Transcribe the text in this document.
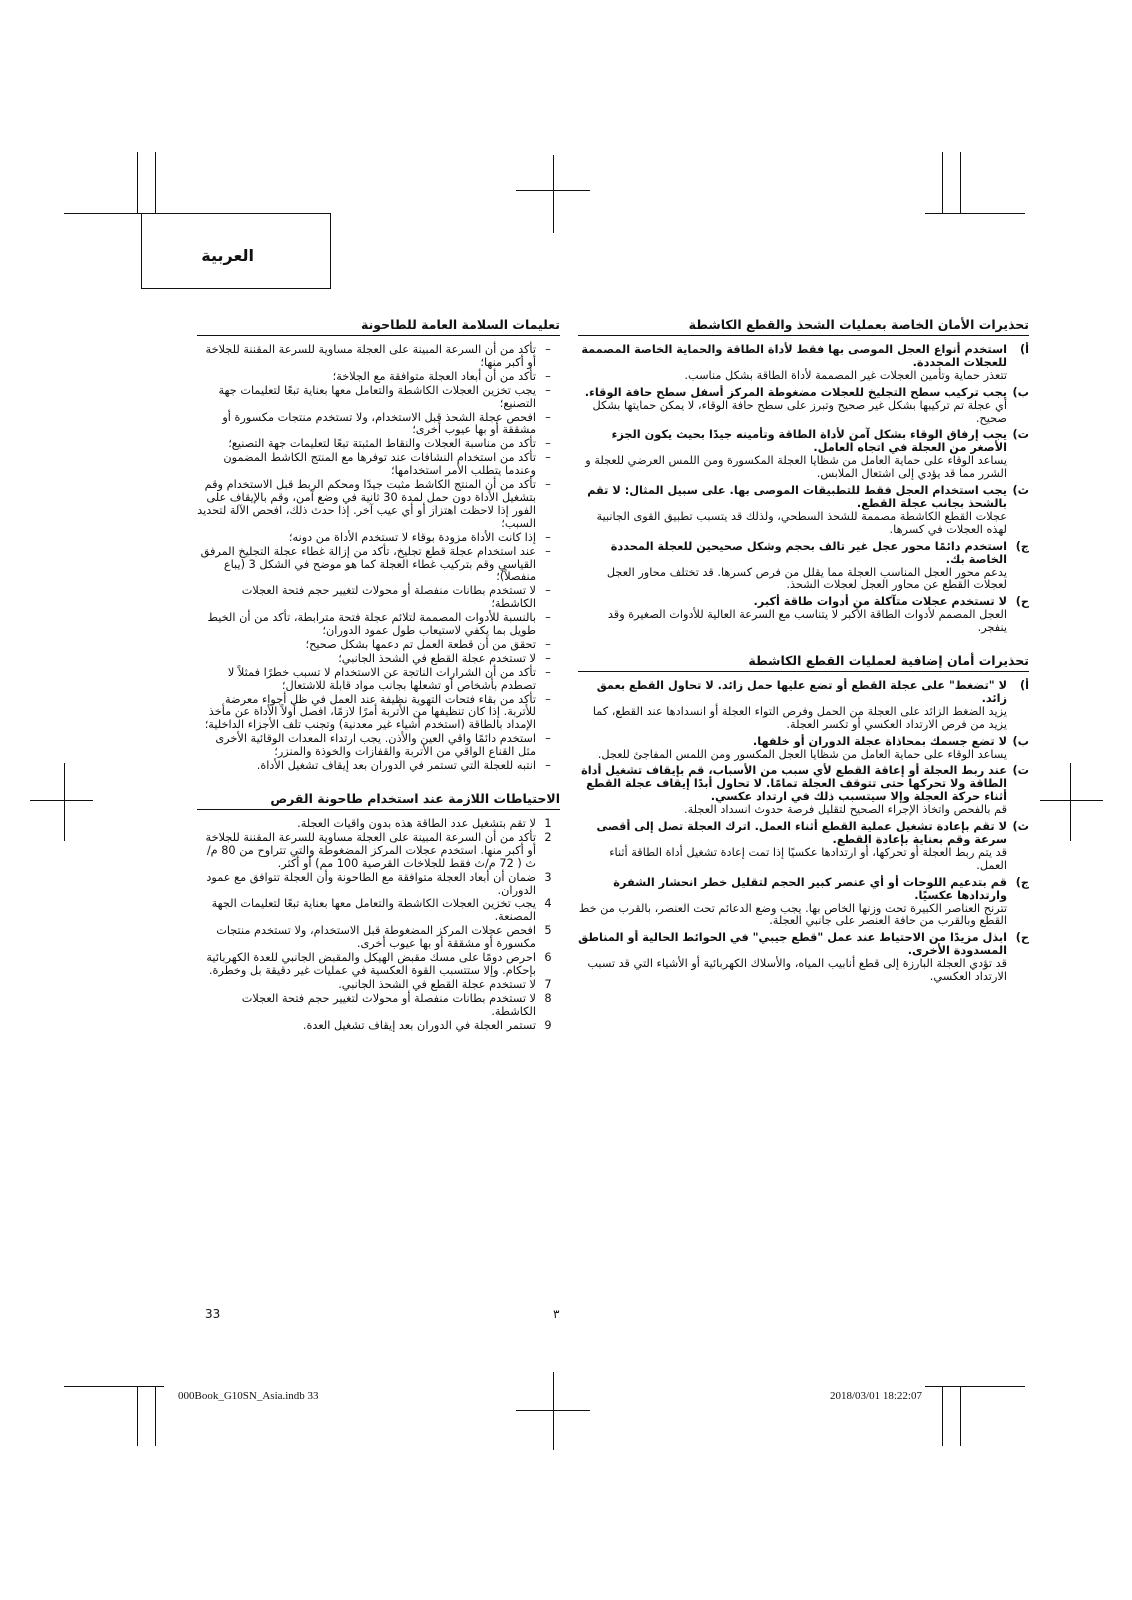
العربية
تحذيرات الأمان الخاصة بعمليات الشحذ والقطع الكاشطة
أ)
استخدم أنواع العجل الموصى بها فقط لأداة الطاقة والحماية الخاصة المصممة للعجلات المحددة.
تتعذر حماية وتأمين العجلات غير المصممة لأداة الطاقة بشكل مناسب.
ب)
يجب تركيب سطح التجليخ للعجلات مضغوطة المركز أسفل سطح حافة الوقاء.
أي عجلة تم تركيبها بشكل غير صحيح وتبرز على سطح حافة الوقاء، لا يمكن حمايتها بشكل صحيح.
ت)
يجب إرفاق الوقاء بشكل آمن لأداة الطاقة وتأمينه جيدًا بحيث يكون الجزء الأصغر من العجلة في اتجاه العامل.
يساعد الوقاء على حماية العامل من شظايا العجلة المكسورة ومن اللمس العرضي للعجلة و الشرر مما قد يؤدي إلى اشتعال الملابس.
ث)
يجب استخدام العجل فقط للتطبيقات الموصى بها. على سبيل المثال: لا تقم بالشحذ بجانب عجلة القطع.
عجلات القطع الكاشطة مصممة للشحذ السطحي، ولذلك قد يتسبب تطبيق القوى الجانبية لهذه العجلات في كسرها.
ج)
استخدم دائمًا محور عجل غير تالف بحجم وشكل صحيحين للعجلة المحددة الخاصة بك.
يدعم محور العجل المناسب العجلة مما يقلل من فرص كسرها. قد تختلف محاور العجل لعجلات القطع عن محاور العجل لعجلات الشحذ.
ح)
لا تستخدم عجلات متآكلة من أدوات طاقة أكبر.
العجل المصمم لأدوات الطاقة الأكبر لا يتناسب مع السرعة العالية للأدوات الصغيرة وقد ينفجر.
تحذيرات أمان إضافية لعمليات القطع الكاشطة
أ)
لا "تضغط" على عجلة القطع أو تضع عليها حمل زائد. لا تحاول القطع بعمق زائد.
يزيد الضغط الزائد على العجلة من الحمل وفرص التواء العجلة أو انسدادها عند القطع، كما يزيد من فرص الارتداد العكسي أو تكسر العجلة.
ب)
لا تضع جسمك بمحاذاة عجلة الدوران أو خلفها.
يساعد الوقاء على حماية العامل من شظايا العجل المكسور ومن اللمس المفاجئ للعجل.
ت)
عند ربط العجلة أو إعاقة القطع لأي سبب من الأسباب، قم بإيقاف تشغيل أداة الطاقة ولا تحركها حتى تتوقف العجلة تمامًا. لا تحاول أبدًا إيقاف عجلة القطع أثناء حركة العجلة وإلا سيتسبب ذلك في ارتداد عكسي.
قم بالفحص واتخاذ الإجراء الصحيح لتقليل فرصة حدوث انسداد العجلة.
ث)
لا تقم بإعادة تشغيل عملية القطع أثناء العمل. اترك العجلة تصل إلى أقصى سرعة وقم بعناية بإعادة القطع.
قد يتم ربط العجلة أو تحركها، أو ارتدادها عكسيًا إذا تمت إعادة تشغيل أداة الطاقة أثناء العمل.
ج)
قم بتدعيم اللوحات أو أي عنصر كبير الحجم لتقليل خطر انحشار الشفرة وارتدادها عكسيًا.
تترنح العناصر الكبيرة تحت وزنها الخاص بها. يجب وضع الدعائم تحت العنصر، بالقرب من خط القطع وبالقرب من حافة العنصر على جانبي العجلة.
ح)
ابذل مزيدًا من الاحتياط عند عمل "قطع جيبي" في الحوائط الحالية أو المناطق المسدودة الأخرى.
قد تؤدي العجلة البارزة إلى قطع أنابيب المياه، والأسلاك الكهربائية أو الأشياء التي قد تسبب الارتداد العكسي.
تعليمات السلامة العامة للطاحونة
–
تأكد من أن السرعة المبينة على العجلة مساوية للسرعة المقننة للجلاخة أو أكبر منها؛
–
تأكد من أن أبعاد العجلة متوافقة مع الجلاخة؛
–
يجب تخزين العجلات الكاشطة والتعامل معها بعناية تبعًا لتعليمات جهة التصنيع؛
–
افحص عجلة الشحذ قبل الاستخدام، ولا تستخدم منتجات مكسورة أو مشققة أو بها عيوب أخرى؛
–
تأكد من مناسبة العجلات والنقاط المثبتة تبعًا لتعليمات جهة التصنيع؛
–
تأكد من استخدام النشافات عند توفرها مع المنتج الكاشط المضمون وعندما يتطلب الأمر استخدامها؛
–
تأكد من أن المنتج الكاشط مثبت جيدًا ومحكم الربط قبل الاستخدام وقم بتشغيل الأداة دون حمل لمدة 30 ثانية في وضع آمن، وقم بالإيقاف على الفور إذا لاحظت اهتزاز أو أي عيب آخر. إذا حدث ذلك، افحص الآلة لتحديد السبب؛
–
إذا كانت الأداة مزودة بوقاء لا تستخدم الأداة من دونه؛
–
عند استخدام عجلة قطع تجليخ، تأكد من إزالة غطاء عجلة التجليخ المرفق القياسي وقم بتركيب غطاء العجلة كما هو موضح في الشكل 3 (يباع منفصلاً)؛
–
لا تستخدم بطانات منفصلة أو محولات لتغيير حجم فتحة العجلات الكاشطة؛
–
بالنسبة للأدوات المصممة لتلائم عجلة فتحة مترابطة، تأكد من أن الخيط طويل بما يكفي لاستيعاب طول عمود الدوران؛
–
تحقق من أن قطعة العمل تم دعمها بشكل صحيح؛
–
لا تستخدم عجلة القطع في الشحذ الجانبي؛
–
تأكد من أن الشرارات الناتجة عن الاستخدام لا تسبب خطرًا فمثلاً لا تصطدم بأشخاص أو تشعلها بجانب مواد قابلة للاشتعال؛
–
تأكد من بقاء فتحات التهوية نظيفة عند العمل في ظل أجواء معرضة للأتربة. إذا كان تنظيفها من الأتربة أمرًا لازمًا، افصل أولاً الأداة عن مأخذ الإمداد بالطاقة (استخدم أشياء غير معدنية) وتجنب تلف الأجزاء الداخلية؛
–
استخدم دائمًا واقي العين والأذن. يجب ارتداء المعدات الوقائية الأخرى مثل القناع الواقي من الأتربة والقفازات والخوذة والمنزر؛
–
انتبه للعجلة التي تستمر في الدوران بعد إيقاف تشغيل الأداة.
الاحتياطات اللازمة عند استخدام طاحونة القرص
1
لا تقم بتشغيل عدد الطاقة هذه بدون واقيات العجلة.
2
تأكد من أن السرعة المبينة على العجلة مساوية للسرعة المقننة للجلاخة أو أكبر منها. استخدم عجلات المركز المضغوطة والتي تتراوح من 80 م/ث ( 72 م/ث فقط للجلاخات القرصية 100 مم) أو أكثر.
3
ضمان أن أبعاد العجلة متوافقة مع الطاحونة وأن العجلة تتوافق مع عمود الدوران.
4
يجب تخزين العجلات الكاشطة والتعامل معها بعناية تبعًا لتعليمات الجهة المصنعة.
5
افحص عجلات المركز المضغوطة قبل الاستخدام، ولا تستخدم منتجات مكسورة أو مشققة أو بها عيوب أخرى.
6
احرص دومًا على مسك مقبض الهيكل والمقبض الجانبي للعدة الكهربائية بإحكام. وإلا ستتسبب القوة العكسية في عمليات غير دقيقة بل وخطرة.
7
لا تستخدم عجلة القطع في الشحذ الجانبي.
8
لا تستخدم بطانات منفصلة أو محولات لتغيير حجم فتحة العجلات الكاشطة.
9
تستمر العجلة في الدوران بعد إيقاف تشغيل العدة.
33	٣
000Book_G10SN_Asia.indb 33	2018/03/01 18:22:07
